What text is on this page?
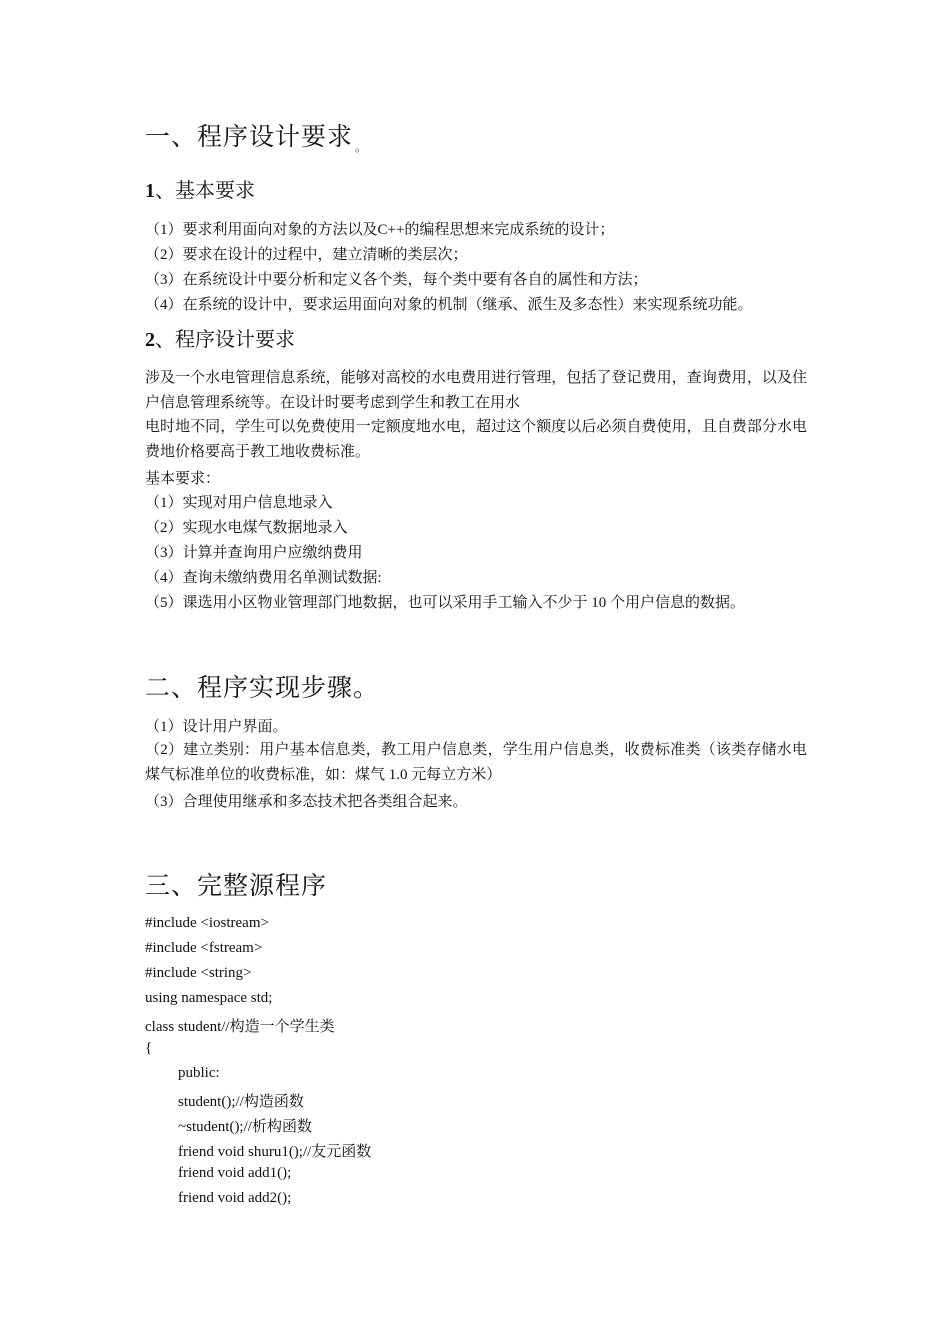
一、程序设计要求 $_。$
1、基本要求
（1）要求利用面向对象的方法以及C++的编程思想来完成系统的设计；
（2）要求在设计的过程中，建立清晰的类层次；
（3）在系统设计中要分析和定义各个类，每个类中要有各自的属性和方法；
（4）在系统的设计中，要求运用面向对象的机制（继承、派生及多态性）来实现系统功能。
2、程序设计要求
涉及一个水电管理信息系统，能够对高校的水电费用进行管理，包括了登记费用，查询费用，以及住户信息管理系统等。在设计时要考虑到学生和教工在用水
电时地不同，学生可以免费使用一定额度地水电，超过这个额度以后必须自费使用，且自费部分水电费地价格要高于教工地收费标准。
基本要求：
（1）实现对用户信息地录入
（2）实现水电煤气数据地录入
（3）计算并查询用户应缴纳费用
（4）查询未缴纳费用名单测试数据:
（5）课选用小区物业管理部门地数据，也可以采用手工输入不少于 10 个用户信息的数据。
二、程序实现步骤。
（1）设计用户界面。
（2）建立类别：用户基本信息类，教工用户信息类，学生用户信息类，收费标准类（该类存储水电煤气标准单位的收费标准，如：煤气 1.0 元每立方米）
（3）合理使用继承和多态技术把各类组合起来。
三、完整源程序
#include <iostream>
#include <fstream>
#include <string>
using namespace std;
class student//构造一个学生类
{
public:
student();//构造函数
~student();//析构函数
friend void shuru1();//友元函数
friend void add1();
friend void add2();
